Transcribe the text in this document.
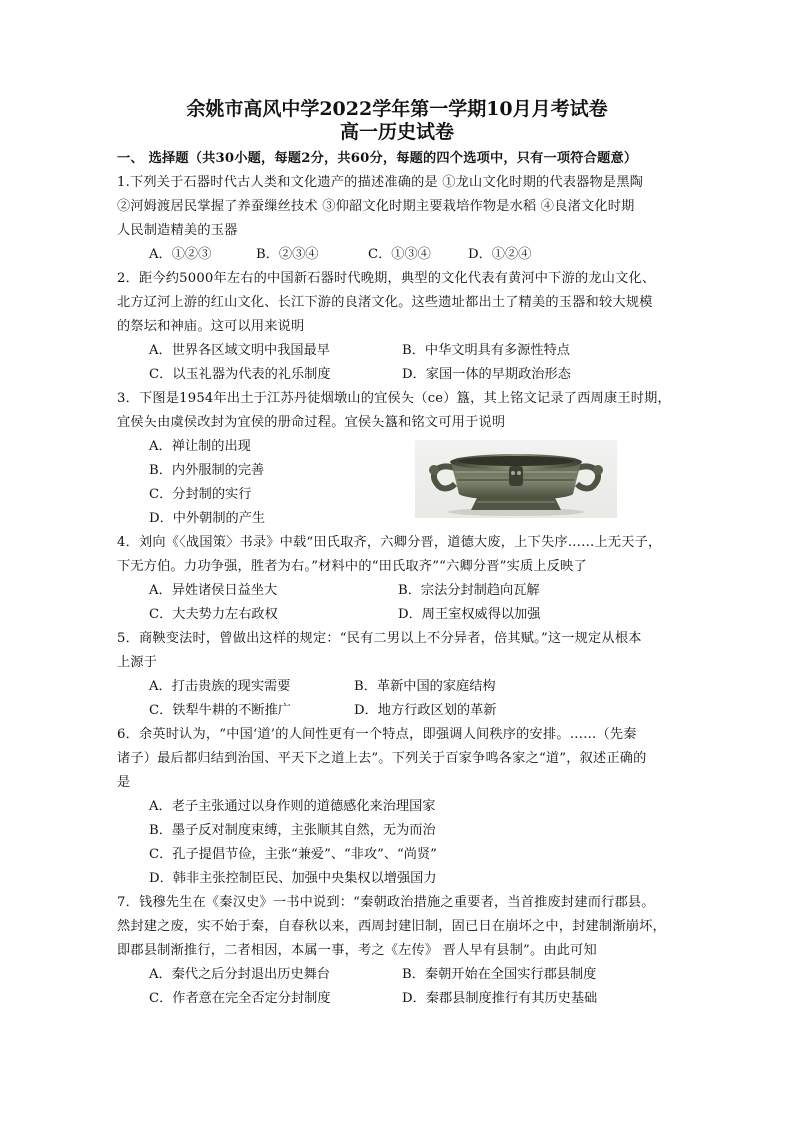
余姚市高风中学2022学年第一学期10月月考试卷
高一历史试卷
一、 选择题（共30小题，每题2分，共60分，每题的四个选项中，只有一项符合题意）
1.下列关于石器时代古人类和文化遗产的描述准确的是 ①龙山文化时期的代表器物是黑陶
②河姆渡居民掌握了养蚕缫丝技术 ③仰韶文化时期主要栽培作物是水稻 ④良渚文化时期
人民制造精美的玉器
A．①②③	B．②③④	C．①③④	D．①②④
2．距今约5000年左右的中国新石器时代晚期，典型的文化代表有黄河中下游的龙山文化、
北方辽河上游的红山文化、长江下游的良渚文化。这些遗址都出土了精美的玉器和较大规模
的祭坛和神庙。这可以用来说明
A．世界各区域文明中我国最早	B．中华文明具有多源性特点
C．以玉礼器为代表的礼乐制度	D．家国一体的早期政治形态
3．下图是1954年出土于江苏丹徒烟墩山的宜侯夨（ce）簋，其上铭文记录了西周康王时期，
宜侯夨由虞侯改封为宜侯的册命过程。宜侯夨簋和铭文可用于说明
A．禅让制的出现
B．内外服制的完善
C．分封制的实行
D．中外朝制的产生
4．刘向《〈战国策〉书录》中载“田氏取齐，六卿分晋，道德大废，上下失序……上无天子，
下无方伯。力功争强，胜者为右。”材料中的“田氏取齐”“六卿分晋”实质上反映了
A．异姓诸侯日益坐大	B．宗法分封制趋向瓦解
C．大夫势力左右政权	D．周王室权威得以加强
5．商鞅变法时，曾做出这样的规定：“民有二男以上不分异者，倍其赋。”这一规定从根本
上源于
A．打击贵族的现实需要	B．革新中国的家庭结构
C．铁犁牛耕的不断推广	D．地方行政区划的革新
6．余英时认为，“中国‘道’的人间性更有一个特点，即强调人间秩序的安排。……（先秦
诸子）最后都归结到治国、平天下之道上去”。下列关于百家争鸣各家之“道”，叙述正确的
是
A．老子主张通过以身作则的道德感化来治理国家
B．墨子反对制度束缚，主张顺其自然，无为而治
C．孔子提倡节俭，主张“兼爱”、“非攻”、“尚贤”
D．韩非主张控制臣民、加强中央集权以增强国力
7．钱穆先生在《秦汉史》一书中说到：“秦朝政治措施之重要者，当首推废封建而行郡县。
然封建之废，实不始于秦，自春秋以来，西周封建旧制，固已日在崩坏之中，封建制渐崩坏，
即郡县制渐推行，二者相因，本属一事，考之《左传》 晋人早有县制”。由此可知
A．秦代之后分封退出历史舞台	B．秦朝开始在全国实行郡县制度
C．作者意在完全否定分封制度	D．秦郡县制度推行有其历史基础
